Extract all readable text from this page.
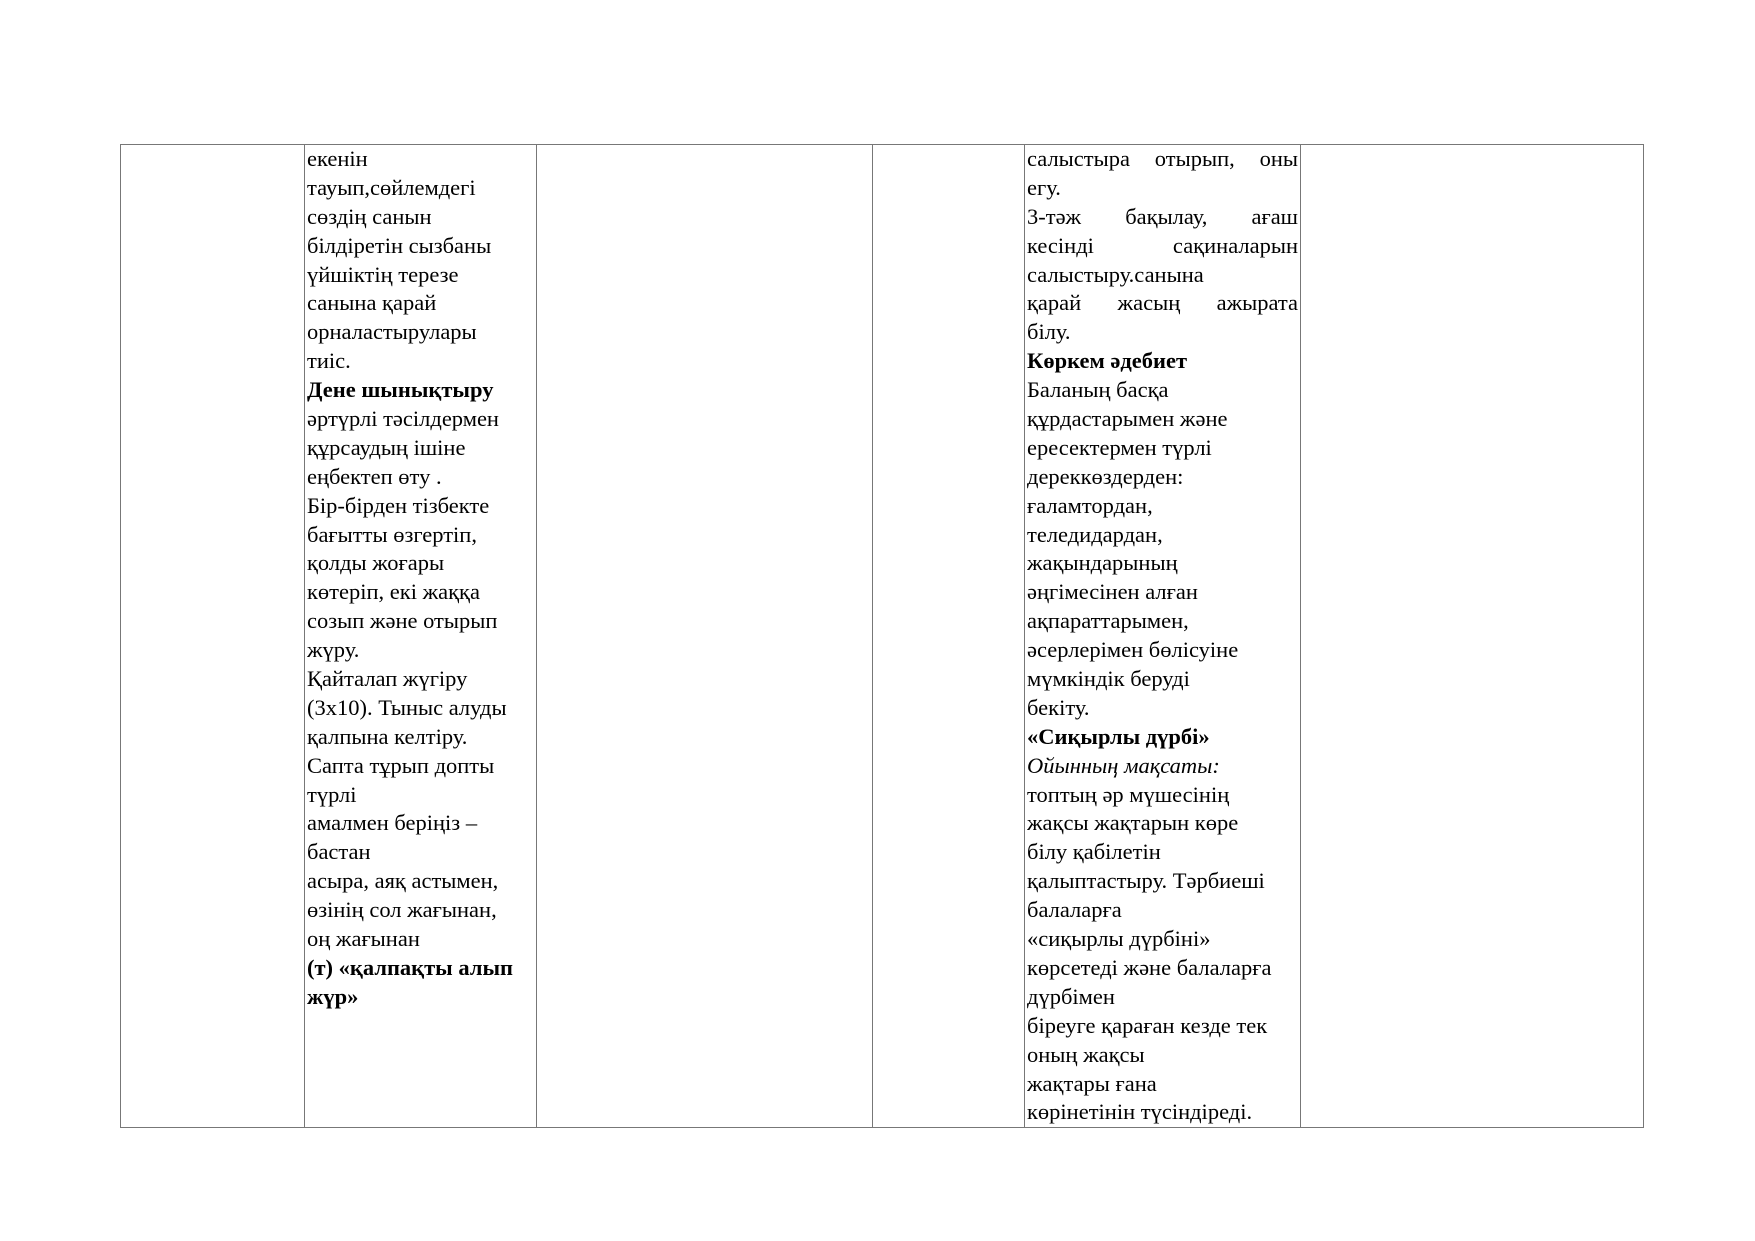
екенін
тауып,сөйлемдегі
сөздің санын
білдіретін сызбаны
үйшіктің терезе
санына қарай
орналастырулары
тиіс.
Дене шынықтыру
әртүрлі тәсілдермен
құрсаудың ішіне
еңбектеп өту .
Бір-бірден тізбекте
бағытты өзгертіп,
қолды жоғары
көтеріп, екі жаққа
созып және отырып
жүру.
Қайталап жүгіру
(3х10). Тыныс алуды
қалпына келтіру.
Сапта тұрып допты
түрлі
амалмен беріңіз –
бастан
асыра, аяқ астымен,
өзінің сол жағынан,
оң жағынан
(т) «қалпақты алып
жүр»

салыстыра отырып, оны
егу.
3-тәж бақылау, ағаш
кесінді сақиналарын
салыстыру.санына
қарай жасың ажырата
білу.
Көркем әдебиет
Баланың басқа
құрдастарымен және
ересектермен түрлі
дереккөздерден:
ғаламтордан,
теледидардан,
жақындарының
әңгімесінен алған
ақпараттарымен,
әсерлерімен бөлісуіне
мүмкіндік беруді
бекіту.
«Сиқырлы дүрбі»
Ойынның мақсаты:
топтың әр мүшесінің
жақсы жақтарын көре
білу қабілетін
қалыптастыру. Тәрбиеші
балаларға
«сиқырлы дүрбіні»
көрсетеді және балаларға
дүрбімен
біреуге қараған кезде тек
оның жақсы
жақтары ғана
көрінетінін түсіндіреді.
